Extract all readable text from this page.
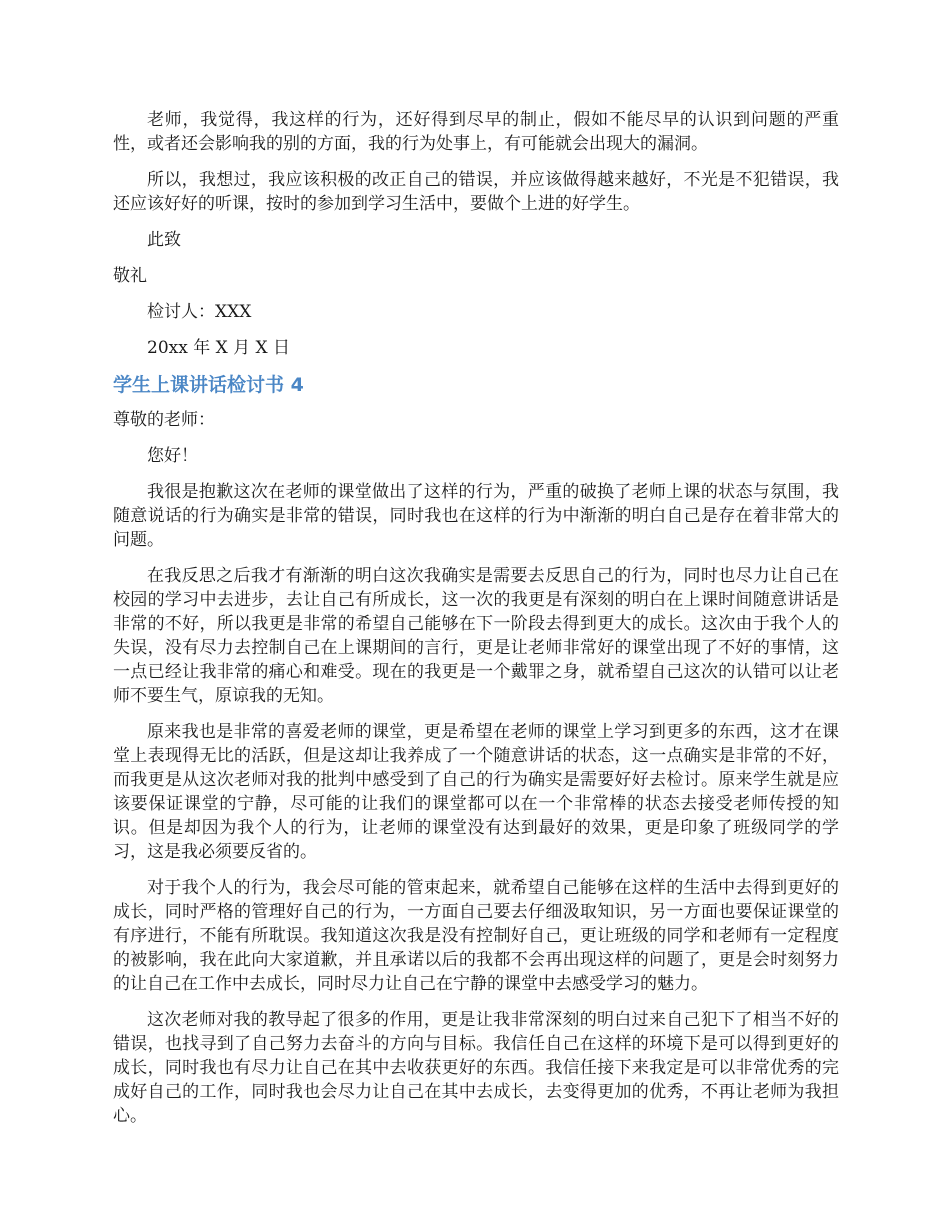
老师，我觉得，我这样的行为，还好得到尽早的制止，假如不能尽早的认识到问题的严重性，或者还会影响我的别的方面，我的行为处事上，有可能就会出现大的漏洞。

所以，我想过，我应该积极的改正自己的错误，并应该做得越来越好，不光是不犯错误，我还应该好好的听课，按时的参加到学习生活中，要做个上进的好学生。

此致

敬礼

检讨人：XXX

20xx 年 X 月 X 日

学生上课讲话检讨书 4

尊敬的老师：

您好！

我很是抱歉这次在老师的课堂做出了这样的行为，严重的破换了老师上课的状态与氛围，我随意说话的行为确实是非常的错误，同时我也在这样的行为中渐渐的明白自己是存在着非常大的问题。

在我反思之后我才有渐渐的明白这次我确实是需要去反思自己的行为，同时也尽力让自己在校园的学习中去进步，去让自己有所成长，这一次的我更是有深刻的明白在上课时间随意讲话是非常的不好，所以我更是非常的希望自己能够在下一阶段去得到更大的成长。这次由于我个人的失误，没有尽力去控制自己在上课期间的言行，更是让老师非常好的课堂出现了不好的事情，这一点已经让我非常的痛心和难受。现在的我更是一个戴罪之身，就希望自己这次的认错可以让老师不要生气，原谅我的无知。

原来我也是非常的喜爱老师的课堂，更是希望在老师的课堂上学习到更多的东西，这才在课堂上表现得无比的活跃，但是这却让我养成了一个随意讲话的状态，这一点确实是非常的不好，而我更是从这次老师对我的批判中感受到了自己的行为确实是需要好好去检讨。原来学生就是应该要保证课堂的宁静，尽可能的让我们的课堂都可以在一个非常棒的状态去接受老师传授的知识。但是却因为我个人的行为，让老师的课堂没有达到最好的效果，更是印象了班级同学的学习，这是我必须要反省的。

对于我个人的行为，我会尽可能的管束起来，就希望自己能够在这样的生活中去得到更好的成长，同时严格的管理好自己的行为，一方面自己要去仔细汲取知识，另一方面也要保证课堂的有序进行，不能有所耽误。我知道这次我是没有控制好自己，更让班级的同学和老师有一定程度的被影响，我在此向大家道歉，并且承诺以后的我都不会再出现这样的问题了，更是会时刻努力的让自己在工作中去成长，同时尽力让自己在宁静的课堂中去感受学习的魅力。

这次老师对我的教导起了很多的作用，更是让我非常深刻的明白过来自己犯下了相当不好的错误，也找寻到了自己努力去奋斗的方向与目标。我信任自己在这样的环境下是可以得到更好的成长，同时我也有尽力让自己在其中去收获更好的东西。我信任接下来我定是可以非常优秀的完成好自己的工作，同时我也会尽力让自己在其中去成长，去变得更加的优秀，不再让老师为我担心。
